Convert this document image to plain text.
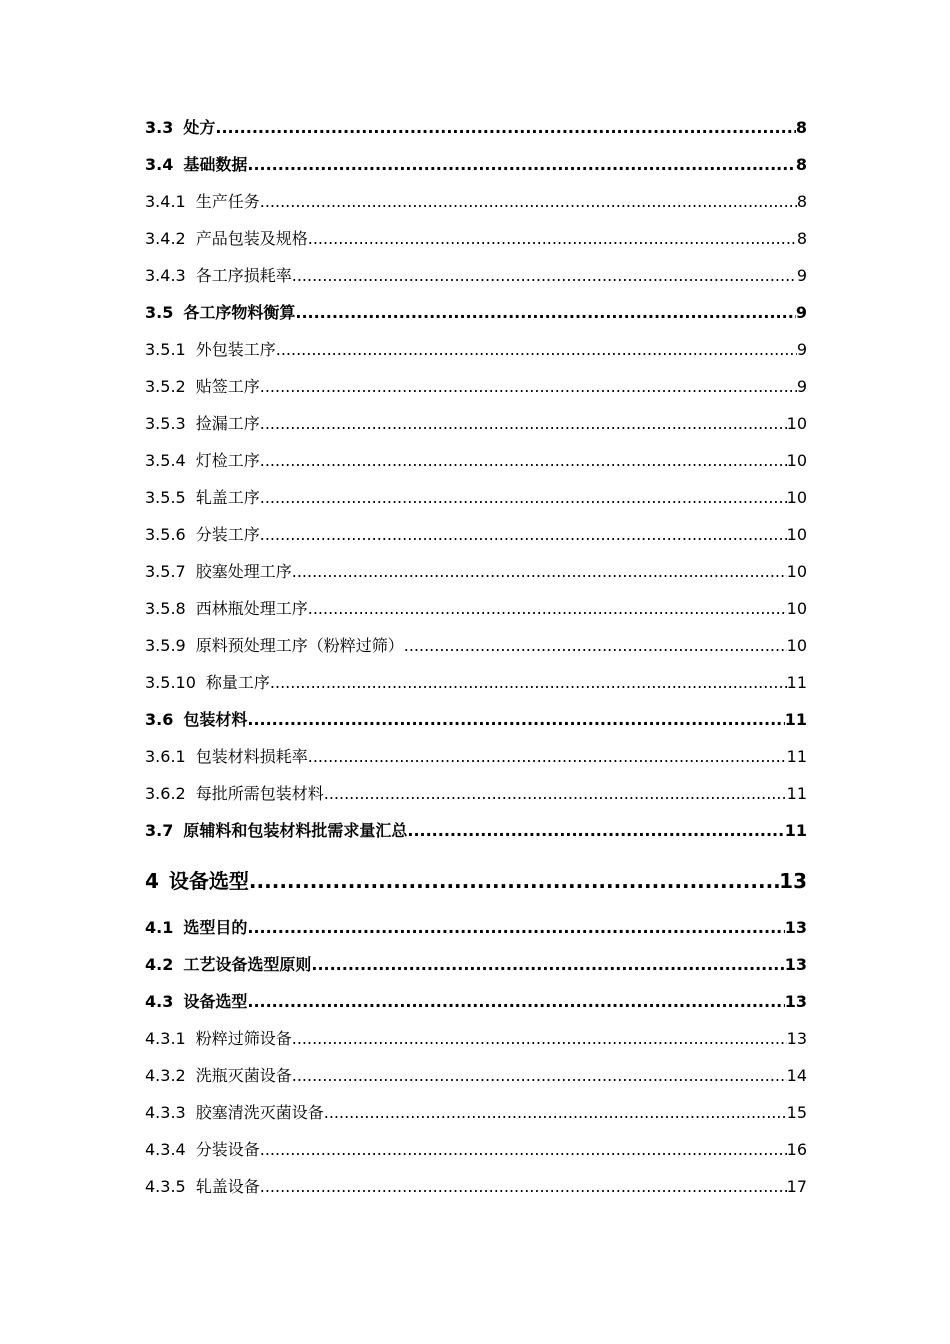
3.3 处方 .....	8
3.4 基础数据 .....	8
3.4.1 生产任务 .....	8
3.4.2 产品包装及规格 .....	8
3.4.3 各工序损耗率 .....	9
3.5 各工序物料衡算 .....	9
3.5.1 外包装工序 .....	9
3.5.2 贴签工序 .....	9
3.5.3 捡漏工序 .....	10
3.5.4 灯检工序 .....	10
3.5.5 轧盖工序 .....	10
3.5.6 分装工序 .....	10
3.5.7 胶塞处理工序 .....	10
3.5.8 西林瓶处理工序 .....	10
3.5.9 原料预处理工序（粉粹过筛） .....	10
3.5.10 称量工序 .....	11
3.6 包装材料 .....	11
3.6.1 包装材料损耗率 .....	11
3.6.2 每批所需包装材料 .....	11
3.7 原辅料和包装材料批需求量汇总 .....	11
4 设备选型 .....	13
4.1 选型目的 .....	13
4.2 工艺设备选型原则 .....	13
4.3 设备选型 .....	13
4.3.1 粉粹过筛设备 .....	13
4.3.2 洗瓶灭菌设备 .....	14
4.3.3 胶塞清洗灭菌设备 .....	15
4.3.4 分装设备 .....	16
4.3.5 轧盖设备 .....	17
